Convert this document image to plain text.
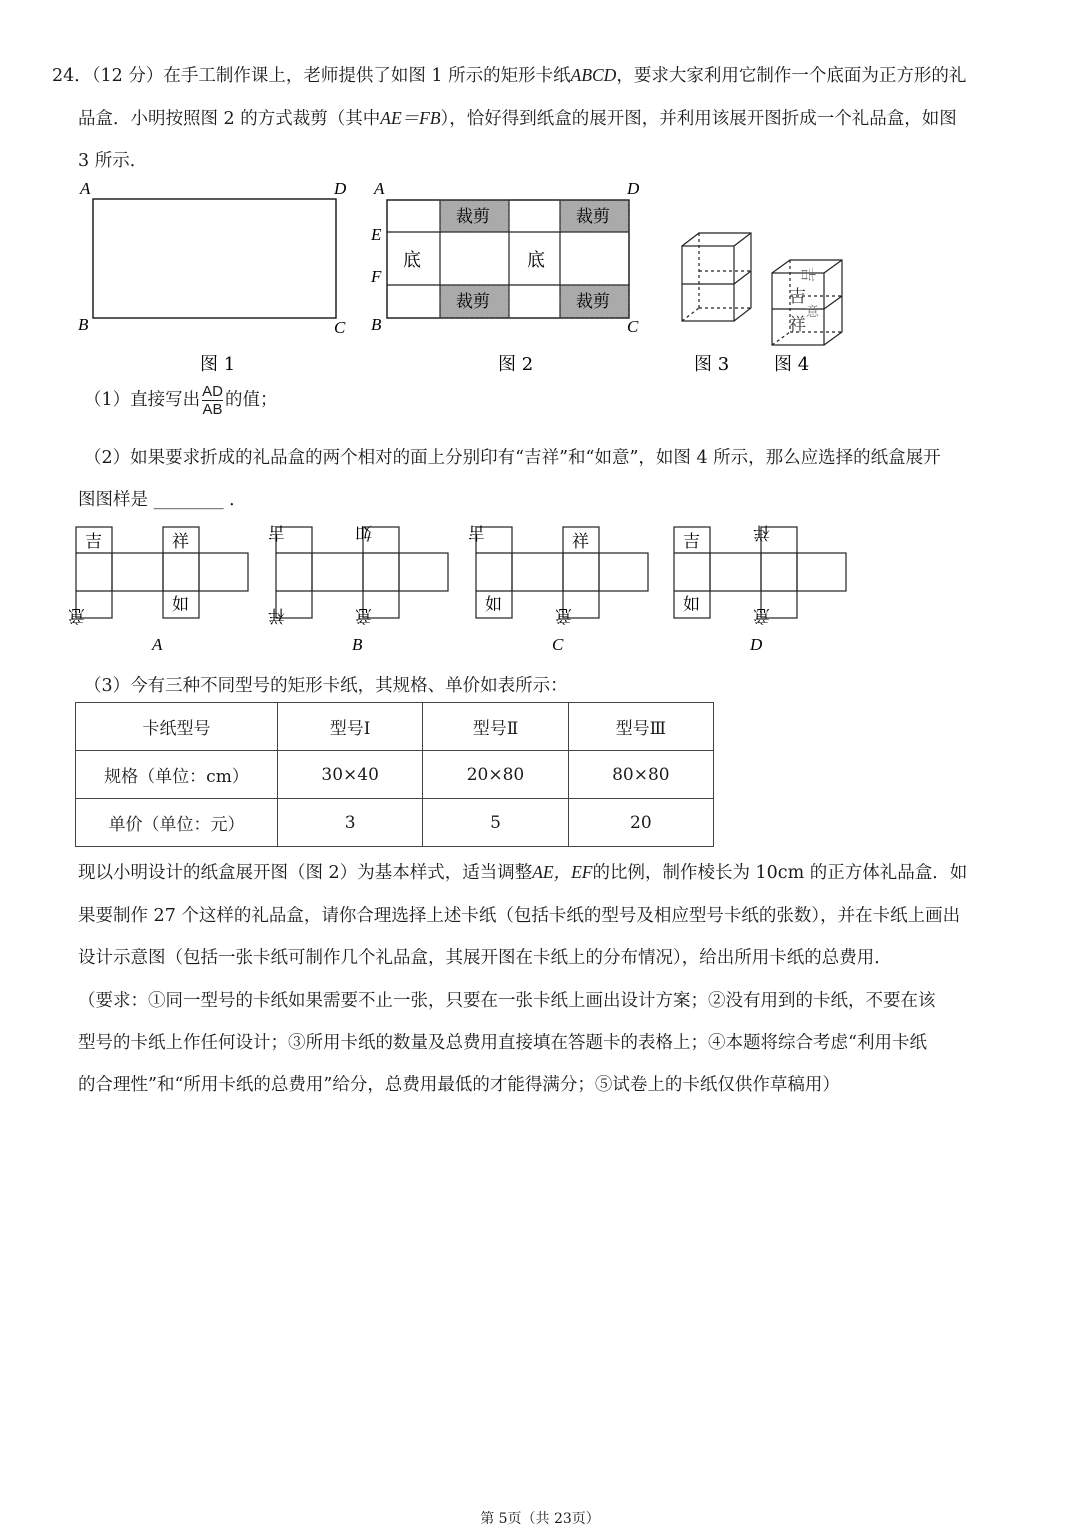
24．（12 分）在手工制作课上，老师提供了如图 1 所示的矩形卡纸ABCD，要求大家利用它制作一个底面为正方形的礼
品盒．小明按照图 2 的方式裁剪（其中AE＝FB），恰好得到纸盒的展开图，并利用该展开图折成一个礼品盒，如图
3 所示．
A	D
B	C
图 1
裁剪	裁剪
裁剪	裁剪
底	底
A	D
E
F
B	C
图 2	图 3
吉
吉
祥
意
图 4
（1）直接写出 $\frac{AD}{AB}$ 的值；
（2）如果要求折成的礼品盒的两个相对的面上分别印有“吉祥”和“如意”，如图 4 所示，那么应选择的纸盒展开
图图样是 ________ ．
吉	祥
意	如
A
吉	如
祥	意
B
吉	祥
如	意
C
吉	祥
如	意
D
（3）今有三种不同型号的矩形卡纸，其规格、单价如表所示：
卡纸型号	型号Ⅰ	型号Ⅱ	型号Ⅲ
规格（单位：cm）	30×40	20×80	80×80
单价（单位：元）	3	5	20
现以小明设计的纸盒展开图（图 2）为基本样式，适当调整AE，EF的比例，制作棱长为 10cm 的正方体礼品盒．如
果要制作 27 个这样的礼品盒，请你合理选择上述卡纸（包括卡纸的型号及相应型号卡纸的张数），并在卡纸上画出
设计示意图（包括一张卡纸可制作几个礼品盒，其展开图在卡纸上的分布情况），给出所用卡纸的总费用．
（要求：①同一型号的卡纸如果需要不止一张，只要在一张卡纸上画出设计方案；②没有用到的卡纸，不要在该
型号的卡纸上作任何设计；③所用卡纸的数量及总费用直接填在答题卡的表格上；④本题将综合考虑“利用卡纸
的合理性”和“所用卡纸的总费用”给分，总费用最低的才能得满分；⑤试卷上的卡纸仅供作草稿用）
第 5页（共 23页）
